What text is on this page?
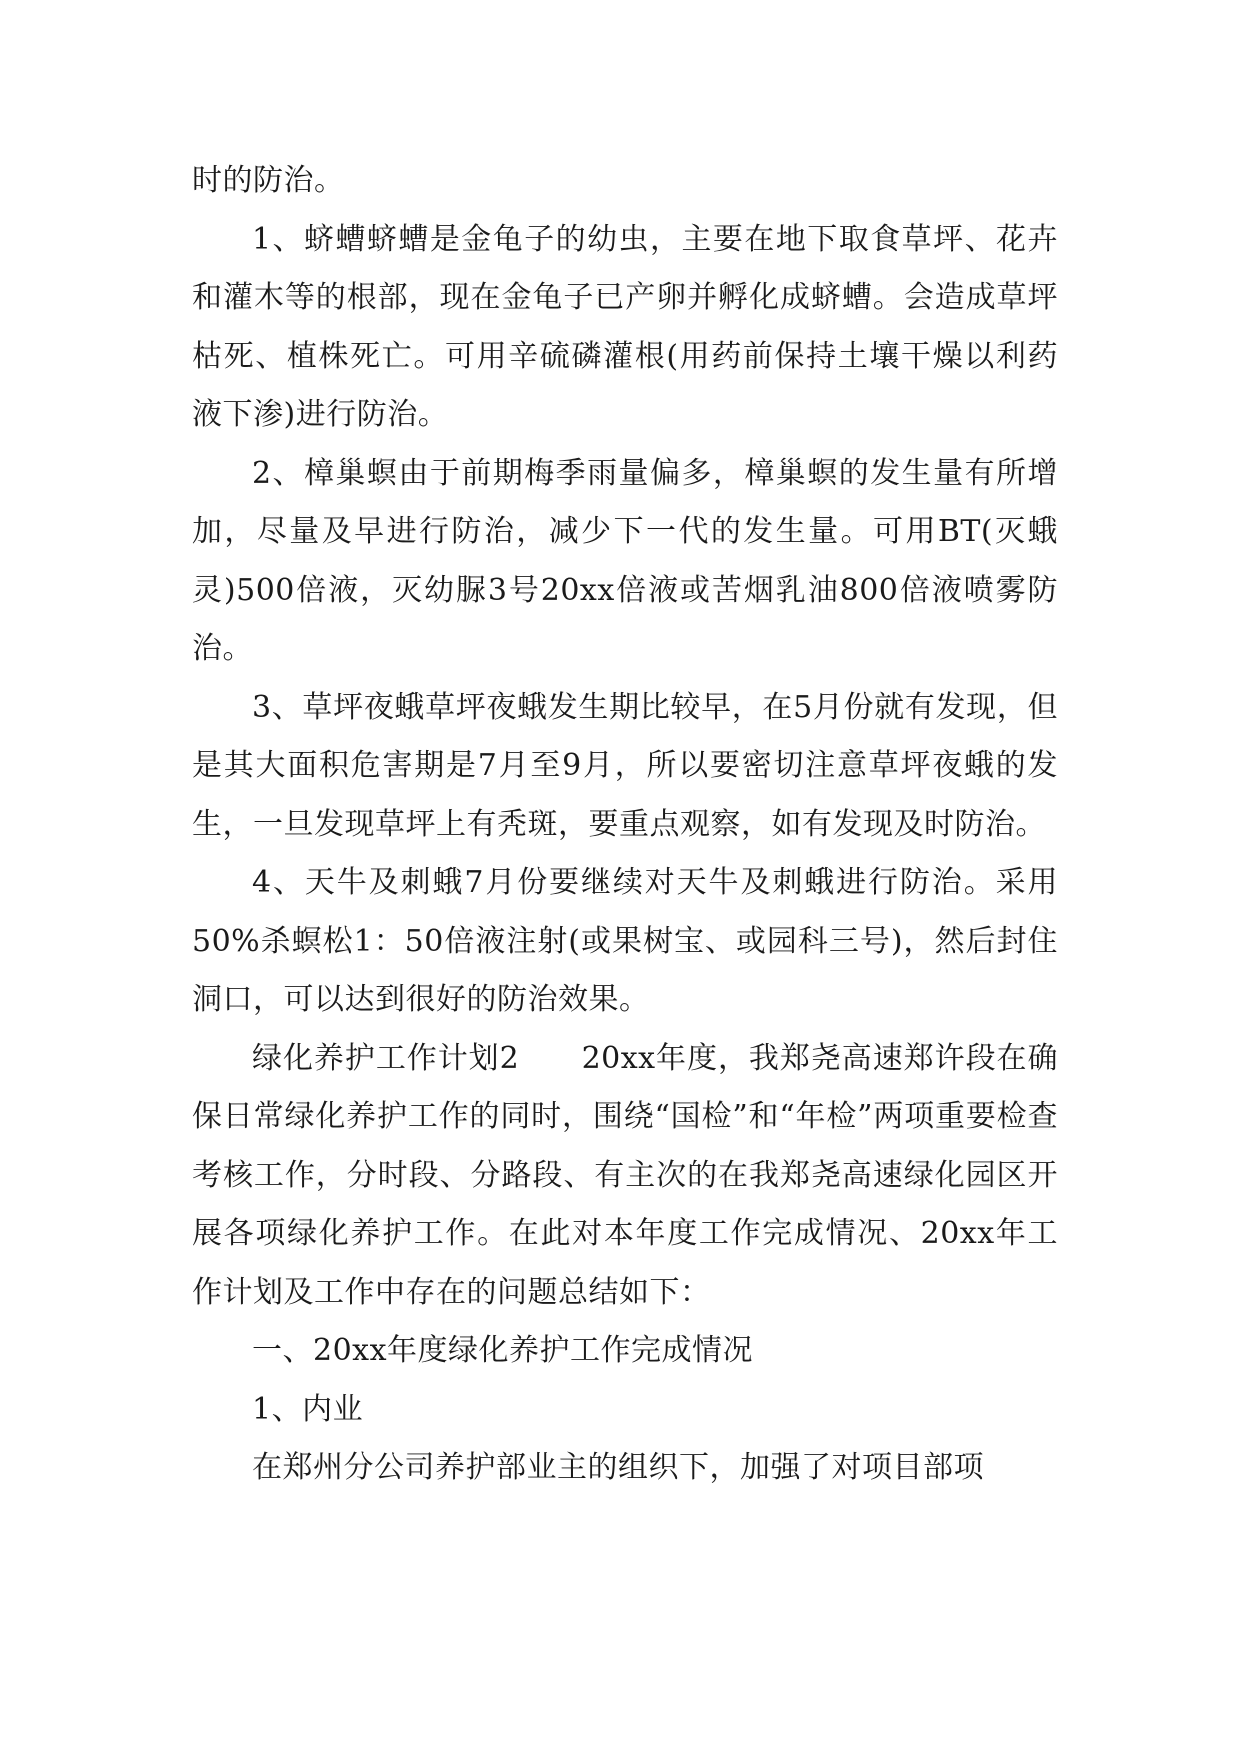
时的防治。

1、蛴螬蛴螬是金龟子的幼虫，主要在地下取食草坪、花卉和灌木等的根部，现在金龟子已产卵并孵化成蛴螬。会造成草坪枯死、植株死亡。可用辛硫磷灌根(用药前保持土壤干燥以利药液下渗)进行防治。

2、樟巢螟由于前期梅季雨量偏多，樟巢螟的发生量有所增加，尽量及早进行防治，减少下一代的发生量。可用BT(灭蛾灵)500倍液，灭幼脲3号20xx倍液或苦烟乳油800倍液喷雾防治。

3、草坪夜蛾草坪夜蛾发生期比较早，在5月份就有发现，但是其大面积危害期是7月至9月，所以要密切注意草坪夜蛾的发生，一旦发现草坪上有秃斑，要重点观察，如有发现及时防治。

4、天牛及刺蛾7月份要继续对天牛及刺蛾进行防治。采用50%杀螟松1：50倍液注射(或果树宝、或园科三号)，然后封住洞口，可以达到很好的防治效果。

绿化养护工作计划2　　20xx年度，我郑尧高速郑许段在确保日常绿化养护工作的同时，围绕“国检”和“年检”两项重要检查考核工作，分时段、分路段、有主次的在我郑尧高速绿化园区开展各项绿化养护工作。在此对本年度工作完成情况、20xx年工作计划及工作中存在的问题总结如下：

一、20xx年度绿化养护工作完成情况

1、内业

在郑州分公司养护部业主的组织下，加强了对项目部项
